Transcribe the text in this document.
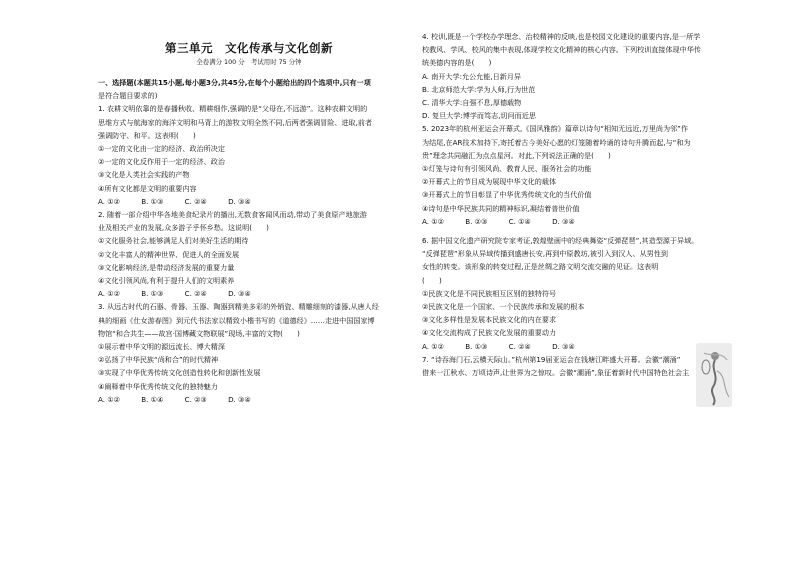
第三单元　文化传承与文化创新
全卷满分 100 分　考试用时 75 分钟
一、选择题(本题共15小题,每小题3分,共45分,在每个小题给出的四个选项中,只有一项
是符合题目要求的)
1. 农耕文明依靠的是春播秋收、精耕细作,强调的是“父母在,不远游”。这种农耕文明的
思维方式与航海家的海洋文明和马背上的游牧文明全然不同,后两者强调冒险、进取,前者
强调防守、和平。这表明(　　)
①一定的文化由一定的经济、政治所决定
②一定的文化反作用于一定的经济、政治
③文化是人类社会实践的产物
④所有文化都是文明的重要内容
A. ①②　　　B. ①③　　　C. ②④　　　D. ③④
2. 随着一部介绍中华各地美食纪录片的播出,无数食客闻风而动,带动了美食原产地旅游
业及相关产业的发展,众多游子乎怀乡愁。这说明(　　)
①文化服务社会,能够满足人们对美好生活的期待
②文化丰富人的精神世界、促进人的全面发展
③文化影响经济,是带动经济发展的重要力量
④文化引领风尚,有利于提升人们的文明素养
A. ①②　　　B. ①③　　　C. ②④　　　D. ③④
3. 从远古时代的石器、骨器、玉器、陶器到精美多彩的外销瓷、精雕细刻的漆器,从唐人经
典的细画《仕女游春图》到元代书法家以精致小楷书写的《道德经》……走进中国国家博
物馆“和合共生——故宫·国博藏文物联展”现场,丰富的文物(　　)
①展示着中华文明的源远流长、博大精深
②弘扬了中华民族“尚和合”的时代精神
③实现了中华优秀传统文化创造性转化和创新性发展
④阐释着中华优秀传统文化的独特魅力
A. ①②　　　B. ①④　　　C. ②③　　　D. ③④
4. 校训,既是一个学校办学理念、治校精神的反映,也是校园文化建设的重要内容,是一所学
校教风、学风、校风的集中表现,体现学校文化精神的核心内容。下列校训直接体现中华传
统美德内容的是(　　)
A. 南开大学:允公允能,日新月异
B. 北京师范大学:学为人师,行为世范
C. 清华大学:自强不息,厚德载物
D. 复旦大学:博学而笃志,切问而近思
5. 2023年的杭州亚运会开幕式,《国风雅韵》篇章以诗句“相知无远近,万里尚为邻”作
为结尾,在AR技术加持下,寄托着古今美好心愿的灯笼随着吟诵的诗句升腾而起,与“和为
贵”理念共同融汇为点点星河。对此,下列说法正确的是(　　)
①灯笼与诗句有引领风尚、教育人民、服务社会的功能
②开幕式上的节目成为展现中华文化的载体
③开幕式上的节目彰显了中华优秀传统文化的当代价值
④诗句是中华民族共同的精神标识,凝结着普世价值
A. ①②　　　B. ②③　　　C. ①④　　　D. ③④
6. 据中国文化遗产研究院专家考证,敦煌壁画中的经典舞姿“反弹琵琶”,其造型源于异域。
“反弹琵琶”形象从异域传播到盛唐长安,再到中原教坊,被引入到汉人、从男性到
女性的转变。该形象的转变过程,正是丝绸之路文明交流交融的见证。这表明
(　　)
①民族文化是不同民族相互区别的独特符号
②民族文化是一个国家、一个民族传承和发展的根本
③文化多样性是发展本民族文化的内在要求
④文化交流构成了民族文化发展的重要动力
A. ①②　　　B. ①③　　　C. ②④　　　D. ③④
7. “诗吞海门石,云横天际山。”杭州第19届亚运会在钱塘江畔盛大开幕。会徽“潮涌”
借来一江秋水、万顷诗声,让世界为之惊叹。会徽“潮涌”,象征着新时代中国特色社会主
